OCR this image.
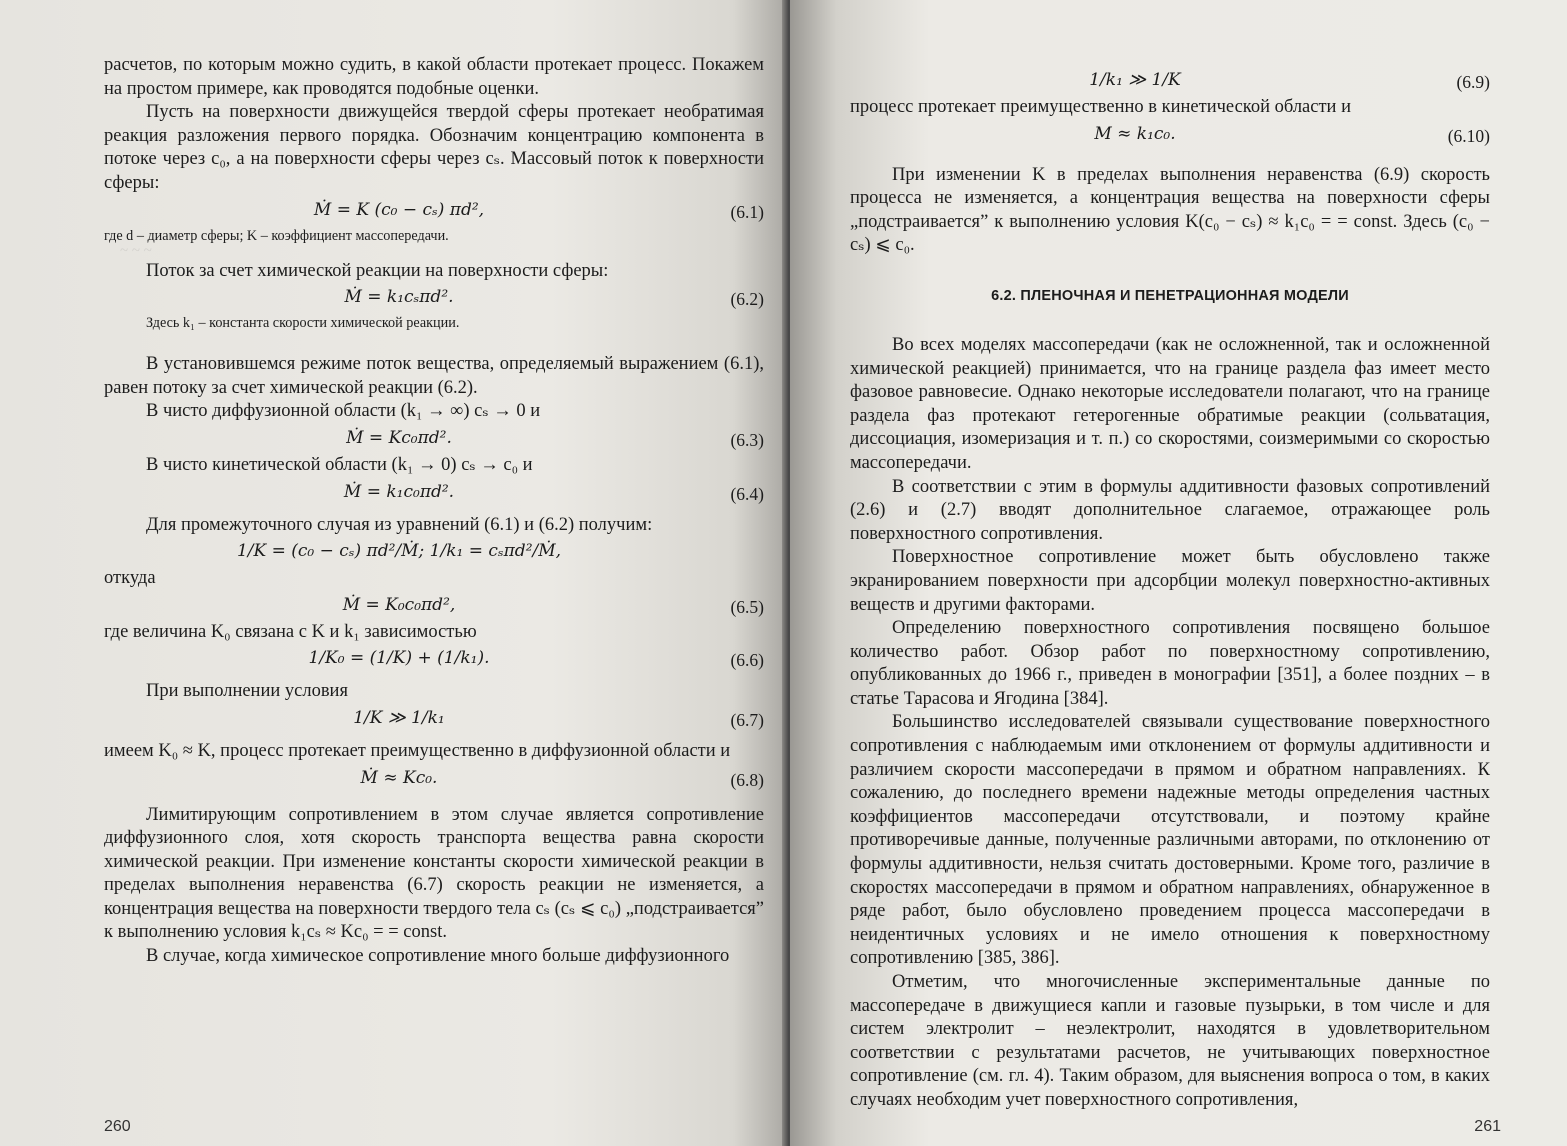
~ ~ ~

расчетов, по которым можно судить, в какой области протекает процесс. Покажем на простом примере, как проводятся подобные оценки.

Пусть на поверхности движущейся твердой сферы протекает необратимая реакция разложения первого порядка. Обозначим концентрацию компонента в потоке через c₀, а на поверхности сферы через cₛ. Массовый поток к поверхности сферы:

Ṁ = K (c₀ − cₛ) πd²,	(6.1)

где d – диаметр сферы; K – коэффициент массопередачи.

Поток за счет химической реакции на поверхности сферы:

Ṁ = k₁cₛπd².	(6.2)

Здесь k₁ – константа скорости химической реакции.

В установившемся режиме поток вещества, определяемый выражением (6.1), равен потоку за счет химической реакции (6.2).

В чисто диффузионной области (k₁ → ∞) cₛ → 0 и

Ṁ = Kc₀πd².	(6.3)

В чисто кинетической области (k₁ → 0) cₛ → c₀ и

Ṁ = k₁c₀πd².	(6.4)

Для промежуточного случая из уравнений (6.1) и (6.2) получим:

1/K = (c₀ − cₛ) πd²/Ṁ; 1/k₁ = cₛπd²/Ṁ,

откуда

Ṁ = K₀c₀πd²,	(6.5)

где величина K₀ связана с K и k₁ зависимостью

1/K₀ = (1/K) + (1/k₁).	(6.6)

При выполнении условия

1/K ≫ 1/k₁	(6.7)

имеем K₀ ≈ K, процесс протекает преимущественно в диффузионной области и

Ṁ ≈ Kc₀.	(6.8)

Лимитирующим сопротивлением в этом случае является сопротивление диффузионного слоя, хотя скорость транспорта вещества равна скорости химической реакции. При изменение константы скорости химической реакции в пределах выполнения неравенства (6.7) скорость реакции не изменяется, а концентрация вещества на поверхности твердого тела cₛ (cₛ ⩽ c₀) „подстраивается” к выполнению условия k₁cₛ ≈ Kc₀ = = const.

В случае, когда химическое сопротивление много больше диффузионного

260
1/k₁ ≫ 1/K	(6.9)

процесс протекает преимущественно в кинетической области и

M ≈ k₁c₀.	(6.10)

При изменении K в пределах выполнения неравенства (6.9) скорость процесса не изменяется, а концентрация вещества на поверхности сферы „подстраивается” к выполнению условия K(c₀ − cₛ) ≈ k₁c₀ = = const. Здесь (c₀ − cₛ) ⩽ c₀.

6.2. ПЛЕНОЧНАЯ И ПЕНЕТРАЦИОННАЯ МОДЕЛИ

Во всех моделях массопередачи (как не осложненной, так и осложненной химической реакцией) принимается, что на границе раздела фаз имеет место фазовое равновесие. Однако некоторые исследователи полагают, что на границе раздела фаз протекают гетерогенные обратимые реакции (сольватация, диссоциация, изомеризация и т. п.) со скоростями, соизмеримыми со скоростью массопередачи.

В соответствии с этим в формулы аддитивности фазовых сопротивлений (2.6) и (2.7) вводят дополнительное слагаемое, отражающее роль поверхностного сопротивления.

Поверхностное сопротивление может быть обусловлено также экранированием поверхности при адсорбции молекул поверхностно-активных веществ и другими факторами.

Определению поверхностного сопротивления посвящено большое количество работ. Обзор работ по поверхностному сопротивлению, опубликованных до 1966 г., приведен в монографии [351], а более поздних – в статье Тарасова и Ягодина [384].

Большинство исследователей связывали существование поверхностного сопротивления с наблюдаемым ими отклонением от формулы аддитивности и различием скорости массопередачи в прямом и обратном направлениях. К сожалению, до последнего времени надежные методы определения частных коэффициентов массопередачи отсутствовали, и поэтому крайне противоречивые данные, полученные различными авторами, по отклонению от формулы аддитивности, нельзя считать достоверными. Кроме того, различие в скоростях массопередачи в прямом и обратном направлениях, обнаруженное в ряде работ, было обусловлено проведением процесса массопередачи в неидентичных условиях и не имело отношения к поверхностному сопротивлению [385, 386].

Отметим, что многочисленные экспериментальные данные по массопередаче в движущиеся капли и газовые пузырьки, в том числе и для систем электролит – неэлектролит, находятся в удовлетворительном соответствии с результатами расчетов, не учитывающих поверхностное сопротивление (см. гл. 4). Таким образом, для выяснения вопроса о том, в каких случаях необходим учет поверхностного сопротивления,

261
